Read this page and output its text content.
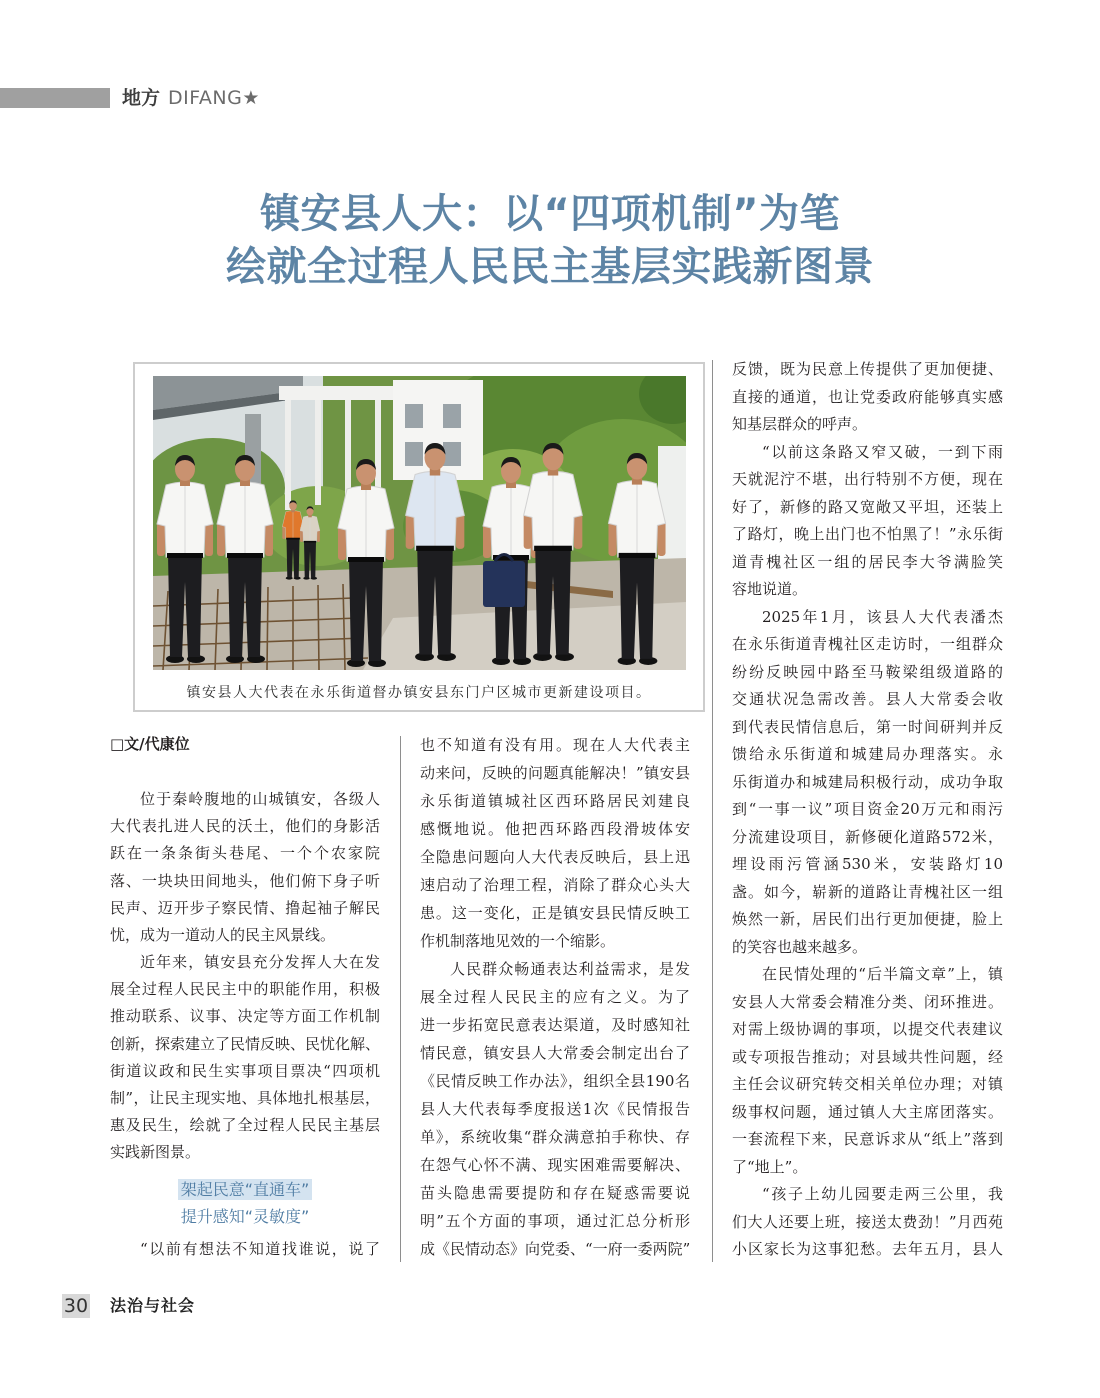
地方 DIFANG★
镇安县人大：以“四项机制”为笔
绘就全过程人民民主基层实践新图景
镇安县人大代表在永乐街道督办镇安县东门户区城市更新建设项目。
□文/代康位
位于秦岭腹地的山城镇安，各级人
大代表扎进人民的沃土，他们的身影活
跃在一条条街头巷尾、一个个农家院
落、一块块田间地头，他们俯下身子听
民声、迈开步子察民情、撸起袖子解民
忧，成为一道动人的民主风景线。
近年来，镇安县充分发挥人大在发
展全过程人民民主中的职能作用，积极
推动联系、议事、决定等方面工作机制
创新，探索建立了民情反映、民忧化解、
街道议政和民生实事项目票决“四项机
制”，让民主现实地、具体地扎根基层，
惠及民生，绘就了全过程人民民主基层
实践新图景。
架起民意“直通车”
提升感知“灵敏度”
“以前有想法不知道找谁说，说了
也不知道有没有用。现在人大代表主
动来问，反映的问题真能解决！”镇安县
永乐街道镇城社区西环路居民刘建良
感慨地说。他把西环路西段滑坡体安
全隐患问题向人大代表反映后，县上迅
速启动了治理工程，消除了群众心头大
患。这一变化，正是镇安县民情反映工
作机制落地见效的一个缩影。
人民群众畅通表达利益需求，是发
展全过程人民民主的应有之义。为了
进一步拓宽民意表达渠道，及时感知社
情民意，镇安县人大常委会制定出台了
《民情反映工作办法》，组织全县190名
县人大代表每季度报送1次《民情报告
单》，系统收集“群众满意拍手称快、存
在怨气心怀不满、现实困难需要解决、
苗头隐患需要提防和存在疑惑需要说
明”五个方面的事项，通过汇总分析形
成《民情动态》向党委、“一府一委两院”
反馈，既为民意上传提供了更加便捷、
直接的通道，也让党委政府能够真实感
知基层群众的呼声。
“以前这条路又窄又破，一到下雨
天就泥泞不堪，出行特别不方便，现在
好了，新修的路又宽敞又平坦，还装上
了路灯，晚上出门也不怕黑了！”永乐街
道青槐社区一组的居民李大爷满脸笑
容地说道。
2025年1月，该县人大代表潘杰
在永乐街道青槐社区走访时，一组群众
纷纷反映园中路至马鞍梁组级道路的
交通状况急需改善。县人大常委会收
到代表民情信息后，第一时间研判并反
馈给永乐街道和城建局办理落实。永
乐街道办和城建局积极行动，成功争取
到“一事一议”项目资金20万元和雨污
分流建设项目，新修硬化道路572米，
埋设雨污管涵530米，安装路灯10
盏。如今，崭新的道路让青槐社区一组
焕然一新，居民们出行更加便捷，脸上
的笑容也越来越多。
在民情处理的“后半篇文章”上，镇
安县人大常委会精准分类、闭环推进。
对需上级协调的事项，以提交代表建议
或专项报告推动；对县域共性问题，经
主任会议研究转交相关单位办理；对镇
级事权问题，通过镇人大主席团落实。
一套流程下来，民意诉求从“纸上”落到
了“地上”。
“孩子上幼儿园要走两三公里，我
们大人还要上班，接送太费劲！”月西苑
小区家长为这事犯愁。去年五月，县人
30 法治与社会
